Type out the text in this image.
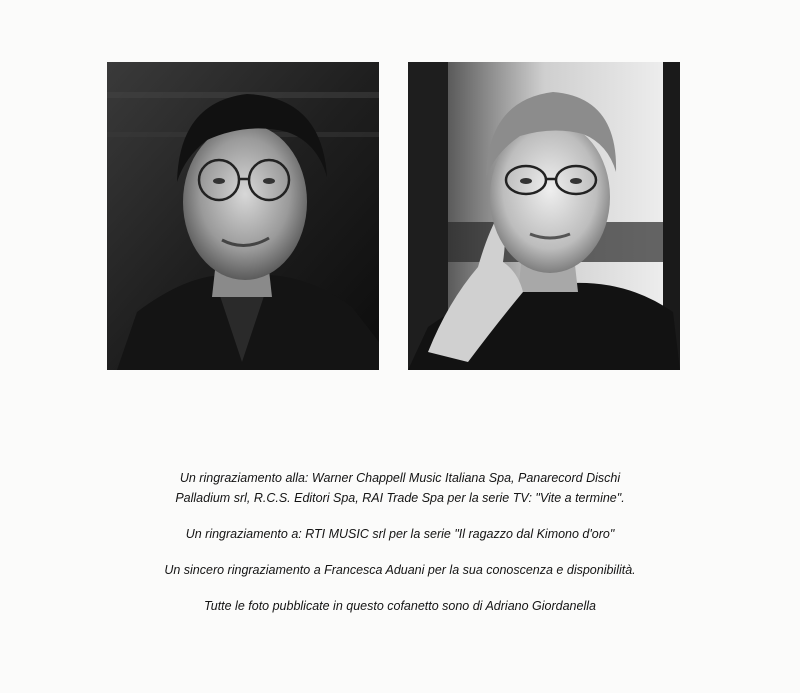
Un ringraziamento alla: Warner Chappell Music Italiana Spa, Panarecord Dischi
Palladium srl, R.C.S. Editori Spa, RAI Trade Spa per la serie TV: "Vite a termine".

Un ringraziamento a: RTI MUSIC srl per la serie "Il ragazzo dal Kimono d'oro"

Un sincero ringraziamento a Francesca Aduani per la sua conoscenza e disponibilità.

Tutte le foto pubblicate in questo cofanetto sono di Adriano Giordanella
